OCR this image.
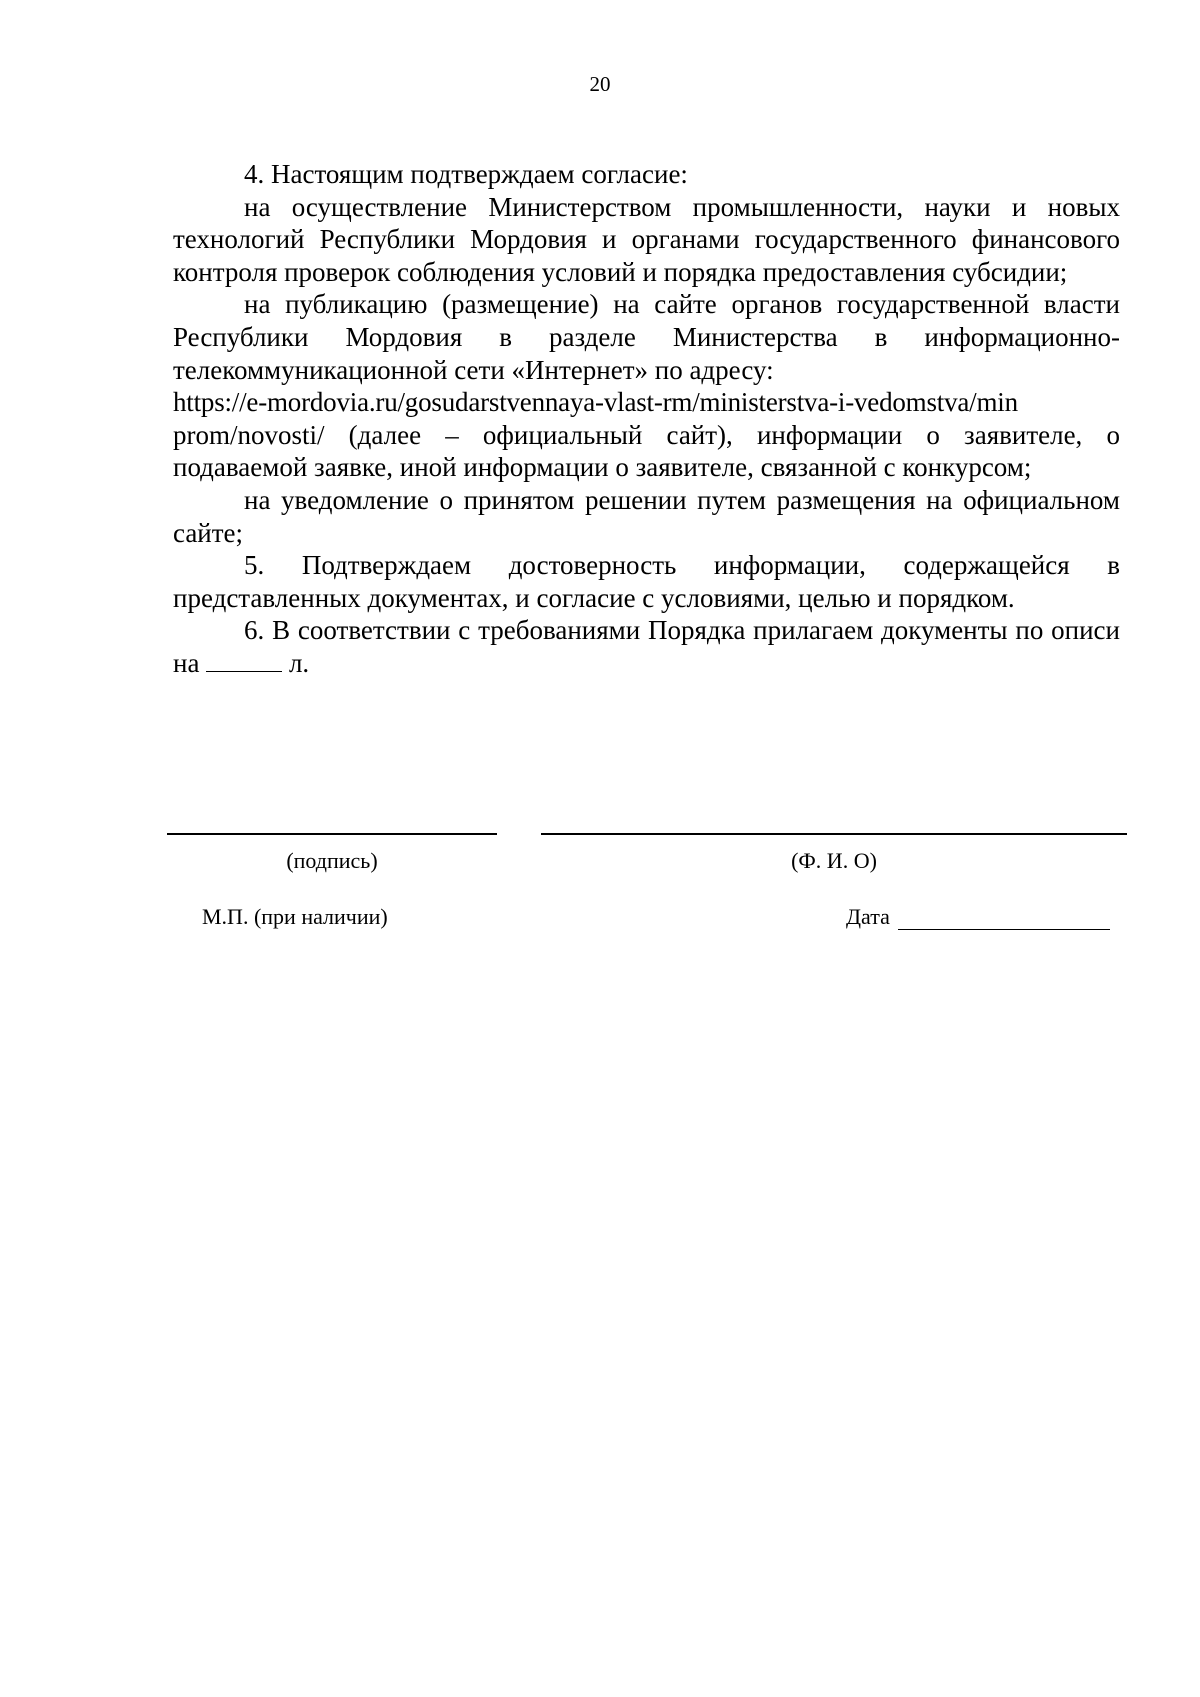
20

4. Настоящим подтверждаем согласие:

на осуществление Министерством промышленности, науки и новых технологий Республики Мордовия и органами государственного финансового контроля проверок соблюдения условий и порядка предоставления субсидии;

на публикацию (размещение) на сайте органов государственной власти Республики Мордовия в разделе Министерства в информационно-телекоммуникационной сети «Интернет» по адресу:

https://e-mordovia.ru/gosudarstvennaya-vlast-rm/ministerstva-i-vedomstva/min

prom/novosti/ (далее – официальный сайт), информации о заявителе, о подаваемой заявке, иной информации о заявителе, связанной с конкурсом;

на уведомление о принятом решении путем размещения на официальном сайте;

5. Подтверждаем достоверность информации, содержащейся в представленных документах, и согласие с условиями, целью и порядком.

6. В соответствии с требованиями Порядка прилагаем документы по описи на	л.

(подпись)	(Ф. И. О)
М.П. (при наличии)	Дата
